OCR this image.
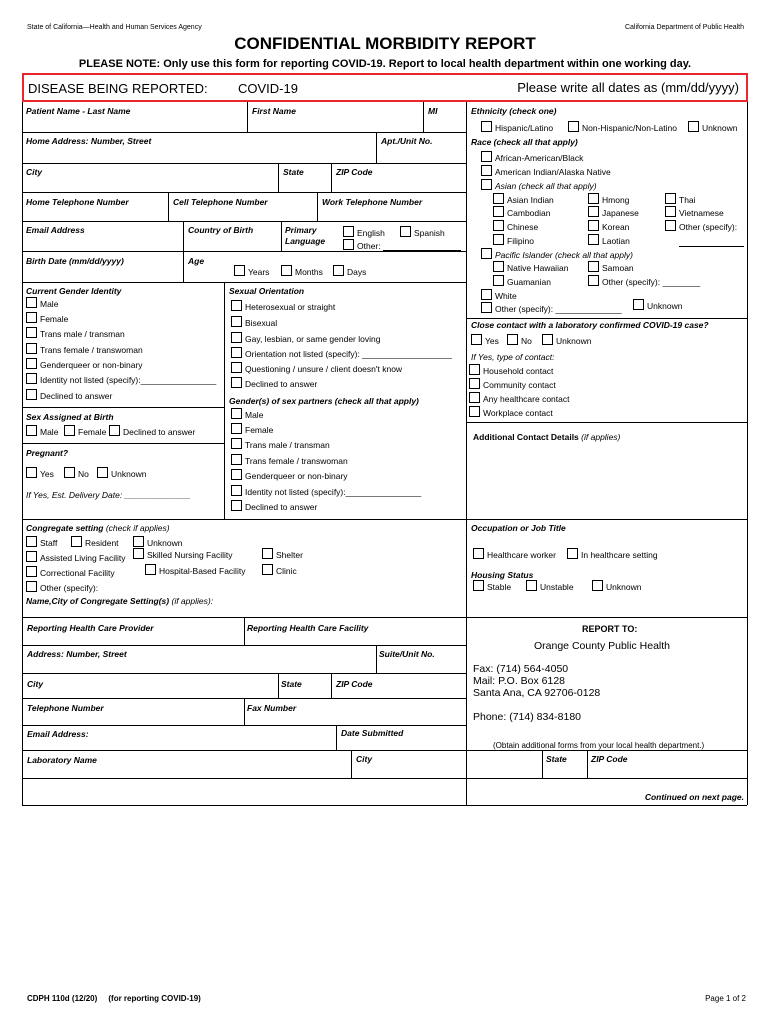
State of California—Health and Human Services Agency	California Department of Public Health
CONFIDENTIAL MORBIDITY REPORT
PLEASE NOTE: Only use this form for reporting COVID-19. Report to local health department within one working day.
DISEASE BEING REPORTED: COVID-19	Please write all dates as (mm/dd/yyyy)
Patient Name - Last Name	First Name	MI
Home Address: Number, Street	Apt./Unit No.
City	State	ZIP Code
Home Telephone Number	Cell Telephone Number	Work Telephone Number
Email Address	Country of Birth	Primary
Language
English	Spanish
Other:
Birth Date (mm/dd/yyyy)	Age
Years	Months	Days
Current Gender Identity
Male
Female
Trans male / transman
Trans female / transwoman
Genderqueer or non-binary
Identity not listed (specify):________________
Declined to answer
Sex Assigned at Birth
Male Female Declined to answer
Pregnant?
Yes	No	Unknown
If Yes, Est. Delivery Date: ______________
Sexual Orientation
Heterosexual or straight
Bisexual
Gay, lesbian, or same gender loving
Orientation not listed (specify): ___________________
Questioning / unsure / client doesn't know
Declined to answer
Gender(s) of sex partners (check all that apply)
Male
Female
Trans male / transman
Trans female / transwoman
Genderqueer or non-binary
Identity not listed (specify):________________
Declined to answer
Ethnicity (check one)
Hispanic/Latino	Non-Hispanic/Non-Latino	Unknown
Race (check all that apply)
African-American/Black
American Indian/Alaska Native
Asian (check all that apply)
Asian Indian
Cambodian
Chinese
Filipino
Hmong
Japanese
Korean
Laotian
Thai
Vietnamese
Other (specify):
Pacific Islander (check all that apply)
Native Hawaiian
Guamanian
Samoan
Other (specify): ________
White
Other (specify): ______________	Unknown
Close contact with a laboratory confirmed COVID-19 case?
Yes	No	Unknown
If Yes, type of contact:
Household contact
Community contact
Any healthcare contact
Workplace contact
Additional Contact Details (if applies)
Congregate setting (check if applies)
Staff	Resident	Unknown
Assisted Living Facility	Skilled Nursing Facility	Shelter
Correctional Facility	Hospital-Based Facility	Clinic
Other (specify):
Name,City of Congregate Setting(s) (if applies):
Occupation or Job Title
Healthcare worker	In healthcare setting
Housing Status
Stable	Unstable	Unknown
Reporting Health Care Provider	Reporting Health Care Facility
Address: Number, Street	Suite/Unit No.
City	State	ZIP Code
Telephone Number	Fax Number
Email Address:	Date Submitted
Laboratory Name	City	State	ZIP Code
REPORT TO:
Orange County Public Health
Fax: (714) 564-4050
Mail: P.O. Box 6128
Santa Ana, CA 92706-0128
Phone: (714) 834-8180
(Obtain additional forms from your local health department.)
Continued on next page.
CDPH 110d (12/20)     (for reporting COVID-19)	Page 1 of 2
